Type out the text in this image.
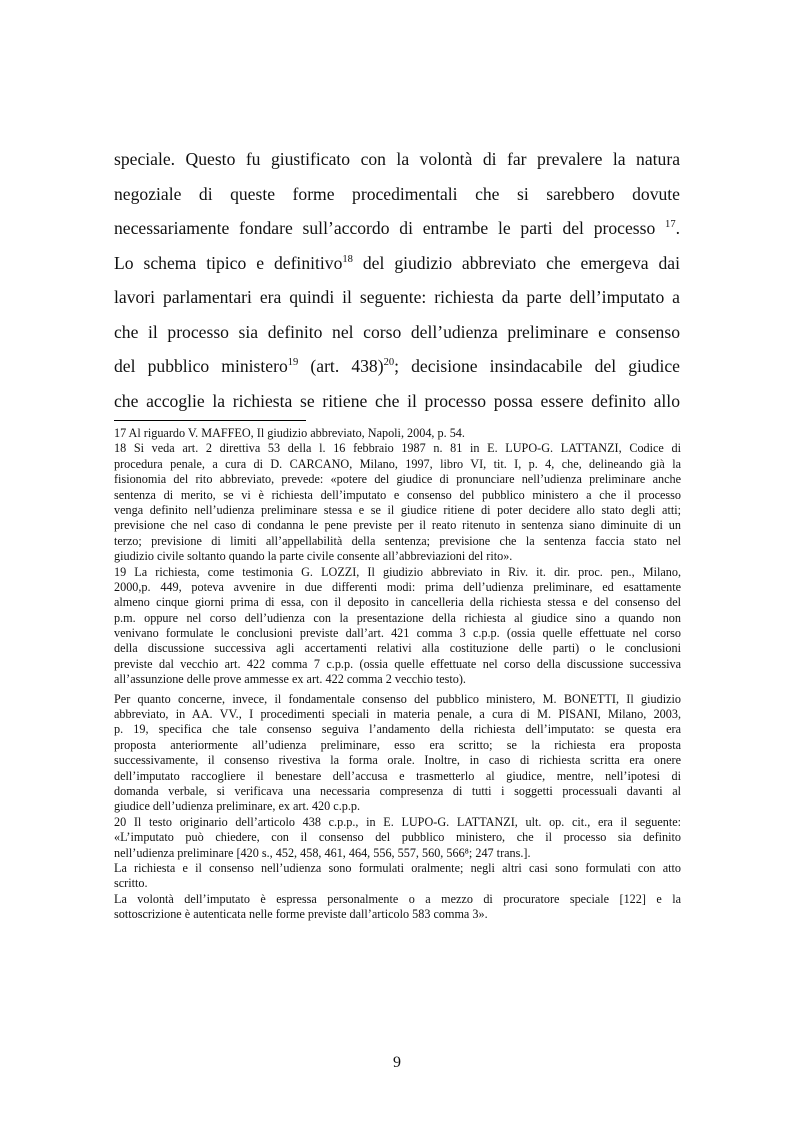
speciale. Questo fu giustificato con la volontà di far prevalere la natura
negoziale di queste forme procedimentali che si sarebbero dovute
necessariamente fondare sull’accordo di entrambe le parti del processo $^{17}$.
Lo schema tipico e definitivo$^{18}$ del giudizio abbreviato che emergeva dai
lavori parlamentari era quindi il seguente: richiesta da parte dell’imputato a
che il processo sia definito nel corso dell’udienza preliminare e consenso
del pubblico ministero$^{19}$ (art. 438)$^{20}$; decisione insindacabile del giudice
che accoglie la richiesta se ritiene che il processo possa essere definito allo
17 Al riguardo V. MAFFEO, Il giudizio abbreviato, Napoli, 2004, p. 54.
18 Si veda art. 2 direttiva 53 della l. 16 febbraio 1987 n. 81 in E. LUPO-G. LATTANZI, Codice di
procedura penale, a cura di D. CARCANO, Milano, 1997, libro VI, tit. I, p. 4, che, delineando già la
fisionomia del rito abbreviato, prevede: «potere del giudice di pronunciare nell’udienza preliminare anche
sentenza di merito, se vi è richiesta dell’imputato e consenso del pubblico ministero a che il processo
venga definito nell’udienza preliminare stessa e se il giudice ritiene di poter decidere allo stato degli atti;
previsione che nel caso di condanna le pene previste per il reato ritenuto in sentenza siano diminuite di un
terzo; previsione di limiti all’appellabilità della sentenza; previsione che la sentenza faccia stato nel
giudizio civile soltanto quando la parte civile consente all’abbreviazioni del rito».
19 La richiesta, come testimonia G. LOZZI, Il giudizio abbreviato in Riv. it. dir. proc. pen., Milano,
2000,p. 449, poteva avvenire in due differenti modi: prima dell’udienza preliminare, ed esattamente
almeno cinque giorni prima di essa, con il deposito in cancelleria della richiesta stessa e del consenso del
p.m. oppure nel corso dell’udienza con la presentazione della richiesta al giudice sino a quando non
venivano formulate le conclusioni previste dall’art. 421 comma 3 c.p.p. (ossia quelle effettuate nel corso
della discussione successiva agli accertamenti relativi alla costituzione delle parti) o le conclusioni
previste dal vecchio art. 422 comma 7 c.p.p. (ossia quelle effettuate nel corso della discussione successiva
all’assunzione delle prove ammesse ex art. 422 comma 2 vecchio testo).
Per quanto concerne, invece, il fondamentale consenso del pubblico ministero, M. BONETTI, Il giudizio
abbreviato, in AA. VV., I procedimenti speciali in materia penale, a cura di M. PISANI, Milano, 2003,
p. 19, specifica che tale consenso seguiva l’andamento della richiesta dell’imputato: se questa era
proposta anteriormente all’udienza preliminare, esso era scritto; se la richiesta era proposta
successivamente, il consenso rivestiva la forma orale. Inoltre, in caso di richiesta scritta era onere
dell’imputato raccogliere il benestare dell’accusa e trasmetterlo al giudice, mentre, nell’ipotesi di
domanda verbale, si verificava una necessaria compresenza di tutti i soggetti processuali davanti al
giudice dell’udienza preliminare, ex art. 420 c.p.p.
20 Il testo originario dell’articolo 438 c.p.p., in E. LUPO-G. LATTANZI, ult. op. cit., era il seguente:
«L’imputato può chiedere, con il consenso del pubblico ministero, che il processo sia definito
nell’udienza preliminare [420 s., 452, 458, 461, 464, 556, 557, 560, 566⁸; 247 trans.].
La richiesta e il consenso nell’udienza sono formulati oralmente; negli altri casi sono formulati con atto
scritto.
La volontà dell’imputato è espressa personalmente o a mezzo di procuratore speciale [122] e la
sottoscrizione è autenticata nelle forme previste dall’articolo 583 comma 3».
9
